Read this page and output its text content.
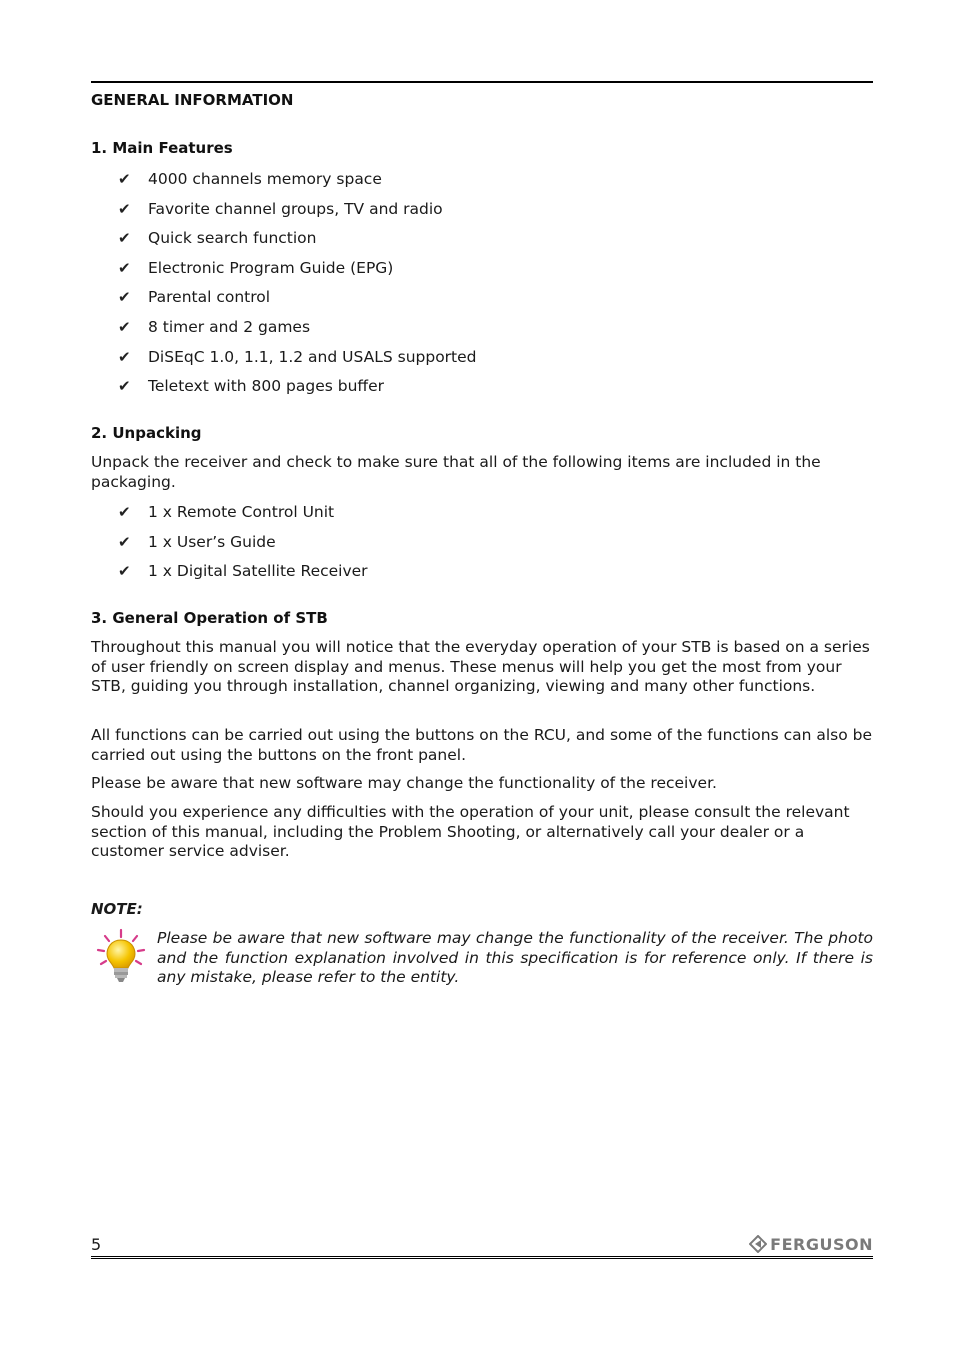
GENERAL INFORMATION
1. Main Features
✔ 4000 channels memory space
✔ Favorite channel groups, TV and radio
✔ Quick search function
✔ Electronic Program Guide (EPG)
✔ Parental control
✔ 8 timer and 2 games
✔ DiSEqC 1.0, 1.1, 1.2 and USALS supported
✔ Teletext with 800 pages buffer
2. Unpacking

Unpack the receiver and check to make sure that all of the following items are included in the packaging.

✔ 1 x Remote Control Unit
✔ 1 x User’s Guide
✔ 1 x Digital Satellite Receiver
3. General Operation of STB

Throughout this manual you will notice that the everyday operation of your STB is based on a series of user friendly on screen display and menus. These menus will help you get the most from your STB, guiding you through installation, channel organizing, viewing and many other functions.

All functions can be carried out using the buttons on the RCU, and some of the functions can also be carried out using the buttons on the front panel.

Please be aware that new software may change the functionality of the receiver.

Should you experience any difficulties with the operation of your unit, please consult the relevant section of this manual, including the Problem Shooting, or alternatively call your dealer or a customer service adviser.

NOTE:

Please be aware that new software may change the functionality of the receiver. The photo and the function explanation involved in this specification is for reference only. If there is any mistake, please refer to the entity.

5	FERGUSON
